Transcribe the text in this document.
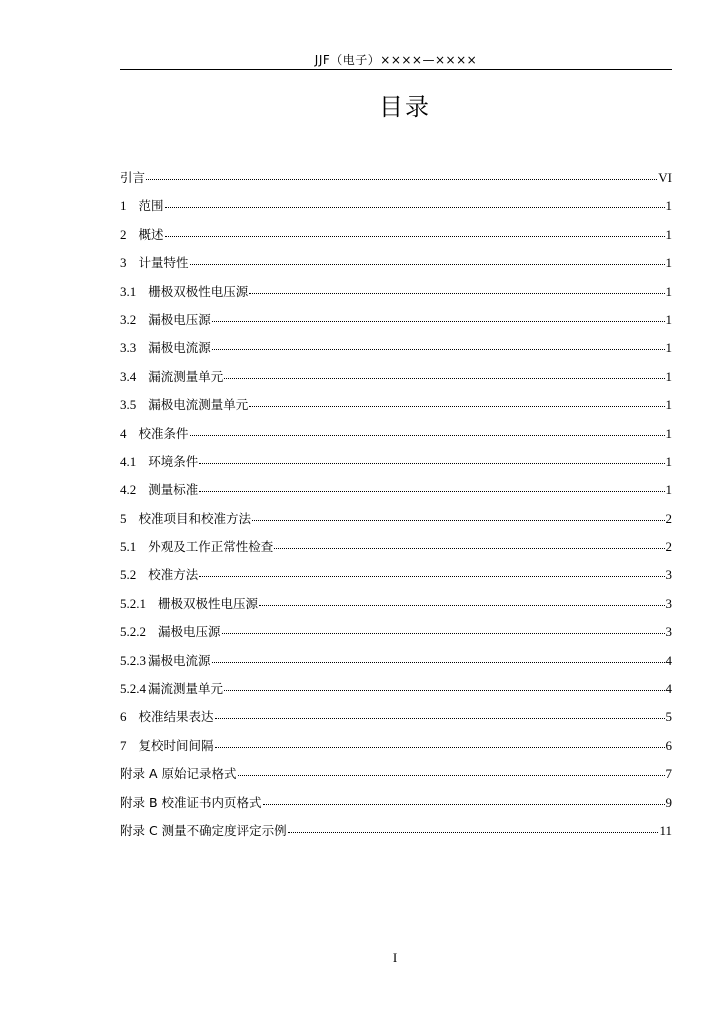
JJF（电子）××××—××××
目录
引言	VI
1 范围	1
2 概述	1
3 计量特性	1
3.1 栅极双极性电压源	1
3.2 漏极电压源	1
3.3 漏极电流源	1
3.4 漏流测量单元	1
3.5 漏极电流测量单元	1
4 校准条件	1
4.1 环境条件	1
4.2 测量标准	1
5 校准项目和校准方法	2
5.1 外观及工作正常性检查	2
5.2 校准方法	3
5.2.1 栅极双极性电压源	3
5.2.2 漏极电压源	3
5.2.3 漏极电流源	4
5.2.4 漏流测量单元	4
6 校准结果表达	5
7 复校时间间隔	6
附录 A 原始记录格式	7
附录 B 校准证书内页格式	9
附录 C 测量不确定度评定示例	11
I
